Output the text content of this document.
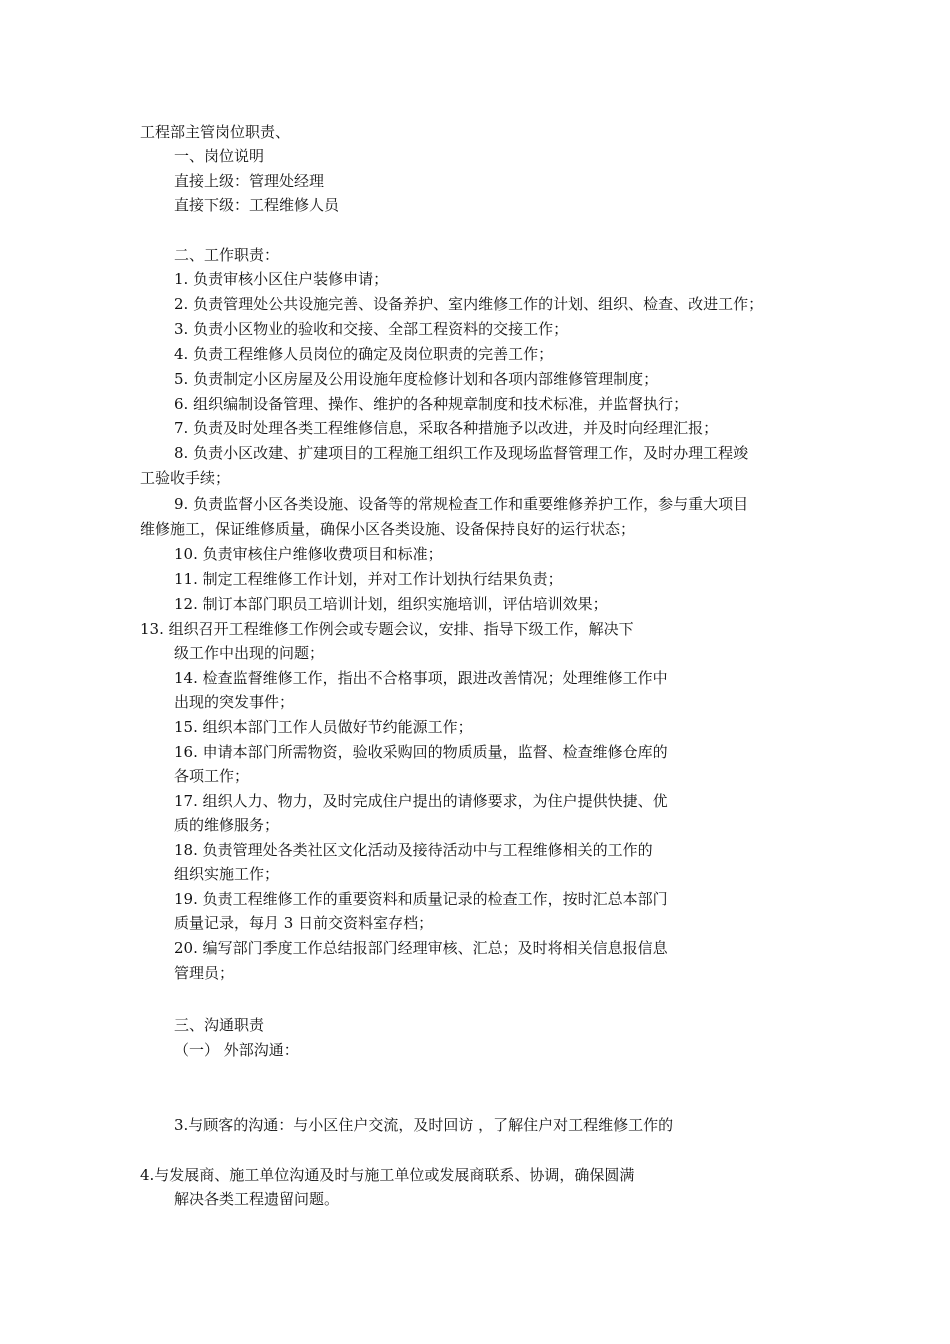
工程部主管岗位职责、
一、岗位说明
直接上级：管理处经理
直接下级：工程维修人员
二、工作职责：
1. 负责审核小区住户装修申请；
2. 负责管理处公共设施完善、设备养护、室内维修工作的计划、组织、检查、改进工作；
3. 负责小区物业的验收和交接、全部工程资料的交接工作；
4. 负责工程维修人员岗位的确定及岗位职责的完善工作；
5. 负责制定小区房屋及公用设施年度检修计划和各项内部维修管理制度；
6. 组织编制设备管理、操作、维护的各种规章制度和技术标准，并监督执行；
7. 负责及时处理各类工程维修信息，采取各种措施予以改进，并及时向经理汇报；
8. 负责小区改建、扩建项目的工程施工组织工作及现场监督管理工作，及时办理工程竣
工验收手续；
9. 负责监督小区各类设施、设备等的常规检查工作和重要维修养护工作，参与重大项目
维修施工，保证维修质量，确保小区各类设施、设备保持良好的运行状态；
10. 负责审核住户维修收费项目和标准；
11. 制定工程维修工作计划，并对工作计划执行结果负责；
12. 制订本部门职员工培训计划，组织实施培训，评估培训效果；
13. 组织召开工程维修工作例会或专题会议，安排、指导下级工作，解决下
级工作中出现的问题；
14. 检查监督维修工作，指出不合格事项，跟进改善情况；处理维修工作中
出现的突发事件；
15. 组织本部门工作人员做好节约能源工作；
16. 申请本部门所需物资，验收采购回的物质质量，监督、检查维修仓库的
各项工作；
17. 组织人力、物力，及时完成住户提出的请修要求，为住户提供快捷、优
质的维修服务；
18. 负责管理处各类社区文化活动及接待活动中与工程维修相关的工作的
组织实施工作；
19. 负责工程维修工作的重要资料和质量记录的检查工作，按时汇总本部门
质量记录，每月 3 日前交资料室存档；
20. 编写部门季度工作总结报部门经理审核、汇总；及时将相关信息报信息
管理员；
三、沟通职责
（一） 外部沟通：
3.与顾客的沟通：与小区住户交流，及时回访 ，了解住户对工程维修工作的
4.与发展商、施工单位沟通及时与施工单位或发展商联系、协调，确保圆满
解决各类工程遗留问题。
